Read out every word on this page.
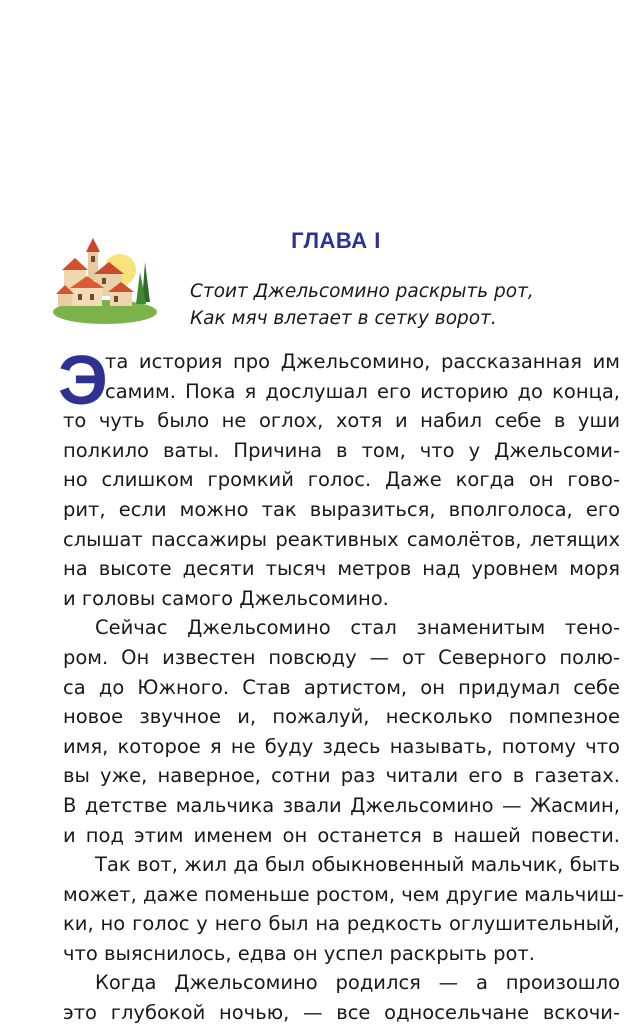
ГЛАВА I
Стоит Джельсомино раскрыть рот,
Как мяч влетает в сетку ворот.
Э
та история про Джельсомино, рассказанная им
самим. Пока я дослушал его историю до конца,
то чуть было не оглох, хотя и набил себе в уши
полкило ваты. Причина в том, что у Джельсоми-
но слишком громкий голос. Даже когда он гово-
рит, если можно так выразиться, вполголоса, его
слышат пассажиры реактивных самолётов, летящих
на высоте десяти тысяч метров над уровнем моря
и головы самого Джельсомино.
Сейчас Джельсомино стал знаменитым тено-
ром. Он известен повсюду — от Северного полю-
са до Южного. Став артистом, он придумал себе
новое звучное и, пожалуй, несколько помпезное
имя, которое я не буду здесь называть, потому что
вы уже, наверное, сотни раз читали его в газетах.
В детстве мальчика звали Джельсомино — Жасмин,
и под этим именем он останется в нашей повести.
Так вот, жил да был обыкновенный мальчик, быть
может, даже поменьше ростом, чем другие мальчиш-
ки, но голос у него был на редкость оглушительный,
что выяснилось, едва он успел раскрыть рот.
Когда Джельсомино родился — а произошло
это глубокой ночью, — все односельчане вскочи-
